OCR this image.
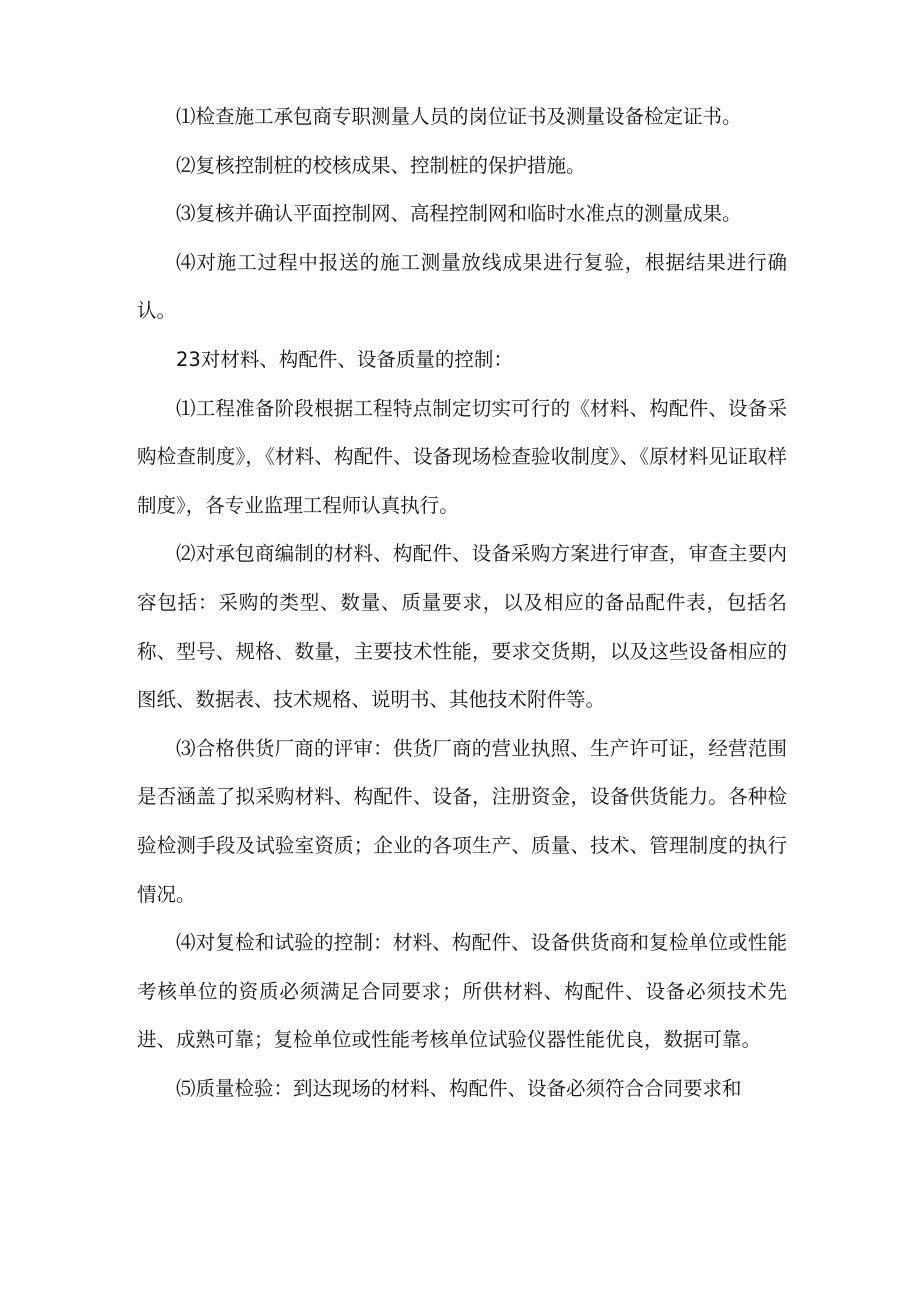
⑴检查施工承包商专职测量人员的岗位证书及测量设备检定证书。

⑵复核控制桩的校核成果、控制桩的保护措施。

⑶复核并确认平面控制网、高程控制网和临时水准点的测量成果。

⑷对施工过程中报送的施工测量放线成果进行复验，根据结果进行确认。

23对材料、构配件、设备质量的控制：

⑴工程准备阶段根据工程特点制定切实可行的《材料、构配件、设备采购检查制度》，《材料、构配件、设备现场检查验收制度》、《原材料见证取样制度》，各专业监理工程师认真执行。

⑵对承包商编制的材料、构配件、设备采购方案进行审查，审查主要内容包括：采购的类型、数量、质量要求，以及相应的备品配件表，包括名称、型号、规格、数量，主要技术性能，要求交货期，以及这些设备相应的图纸、数据表、技术规格、说明书、其他技术附件等。

⑶合格供货厂商的评审：供货厂商的营业执照、生产许可证，经营范围是否涵盖了拟采购材料、构配件、设备，注册资金，设备供货能力。各种检验检测手段及试验室资质；企业的各项生产、质量、技术、管理制度的执行情况。

⑷对复检和试验的控制：材料、构配件、设备供货商和复检单位或性能考核单位的资质必须满足合同要求；所供材料、构配件、设备必须技术先进、成熟可靠；复检单位或性能考核单位试验仪器性能优良，数据可靠。

⑸质量检验：到达现场的材料、构配件、设备必须符合合同要求和
